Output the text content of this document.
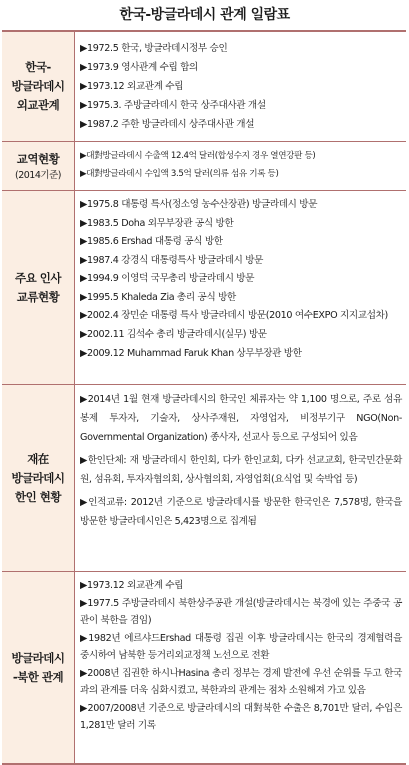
한국-방글라데시 관계 일람표
한국-
방글라데시
외교관계
▶1972.5 한국, 방글라데시정부 승인
▶1973.9 영사관계 수립 합의
▶1973.12 외교관계 수립
▶1975.3. 주방글라데시 한국 상주대사관 개설
▶1987.2 주한 방글라데시 상주대사관 개설
교역현황
(2014기준)
▶대對방글라데시 수출액 12.4억 달러(합성수지 경우 열연강판 등)
▶대對방글라데시 수입액 3.5억 달러(의류 섬유 기록 등)
주요 인사
교류현황
▶1975.8 대통령 특사(정소영 농수산장관) 방글라데시 방문
▶1983.5 Doha 외무부장관 공식 방한
▶1985.6 Ershad 대통령 공식 방한
▶1987.4 강경식 대통령특사 방글라데시 방문
▶1994.9 이영덕 국무총리 방글라데시 방문
▶1995.5 Khaleda Zia 총리 공식 방한
▶2002.4 장민순 대통령 특사 방글라데시 방문(2010 여수EXPO 지지교섭차)
▶2002.11 김석수 총리 방글라데시(실무) 방문
▶2009.12 Muhammad Faruk Khan 상무부장관 방한
재在
방글라데시
한인 현황
▶2014년 1월 현재 방글라데시의 한국인 체류자는 약 1,100 명으로, 주로 섬유봉제 투자자, 기술자, 상사주재원, 자영업자, 비정부기구 NGO(Non-Governmental Organization) 종사자, 선교사 등으로 구성되어 있음
▶한인단체: 재 방글라데시 한인회, 다카 한인교회, 다카 선교교회, 한국민간문화원, 섬유회, 투자자협의회, 상사협의회, 자영업회(요식업 및 숙박업 등)
▶인적교류: 2012년 기준으로 방글라데시를 방문한 한국인은 7,578명, 한국을 방문한 방글라데시인은 5,423명으로 집계됨
방글라데시
-북한 관계
▶1973.12 외교관계 수립
▶1977.5 주방글라데시 북한상주공관 개설(방글라데시는 북경에 있는 주중국 공관이 북한을 겸임)
▶1982년 에르샤드Ershad 대통령 집권 이후 방글라데시는 한국의 경제협력을 중시하여 남북한 등거리외교정책 노선으로 전환
▶2008년 집권한 하시나Hasina 총리 정부는 경제 발전에 우선 순위를 두고 한국과의 관계를 더욱 심화시켰고, 북한과의 관계는 점차 소원해져 가고 있음
▶2007/2008년 기준으로 방글라데시의 대對북한 수출은 8,701만 달러, 수입은 1,281만 달러 기록
